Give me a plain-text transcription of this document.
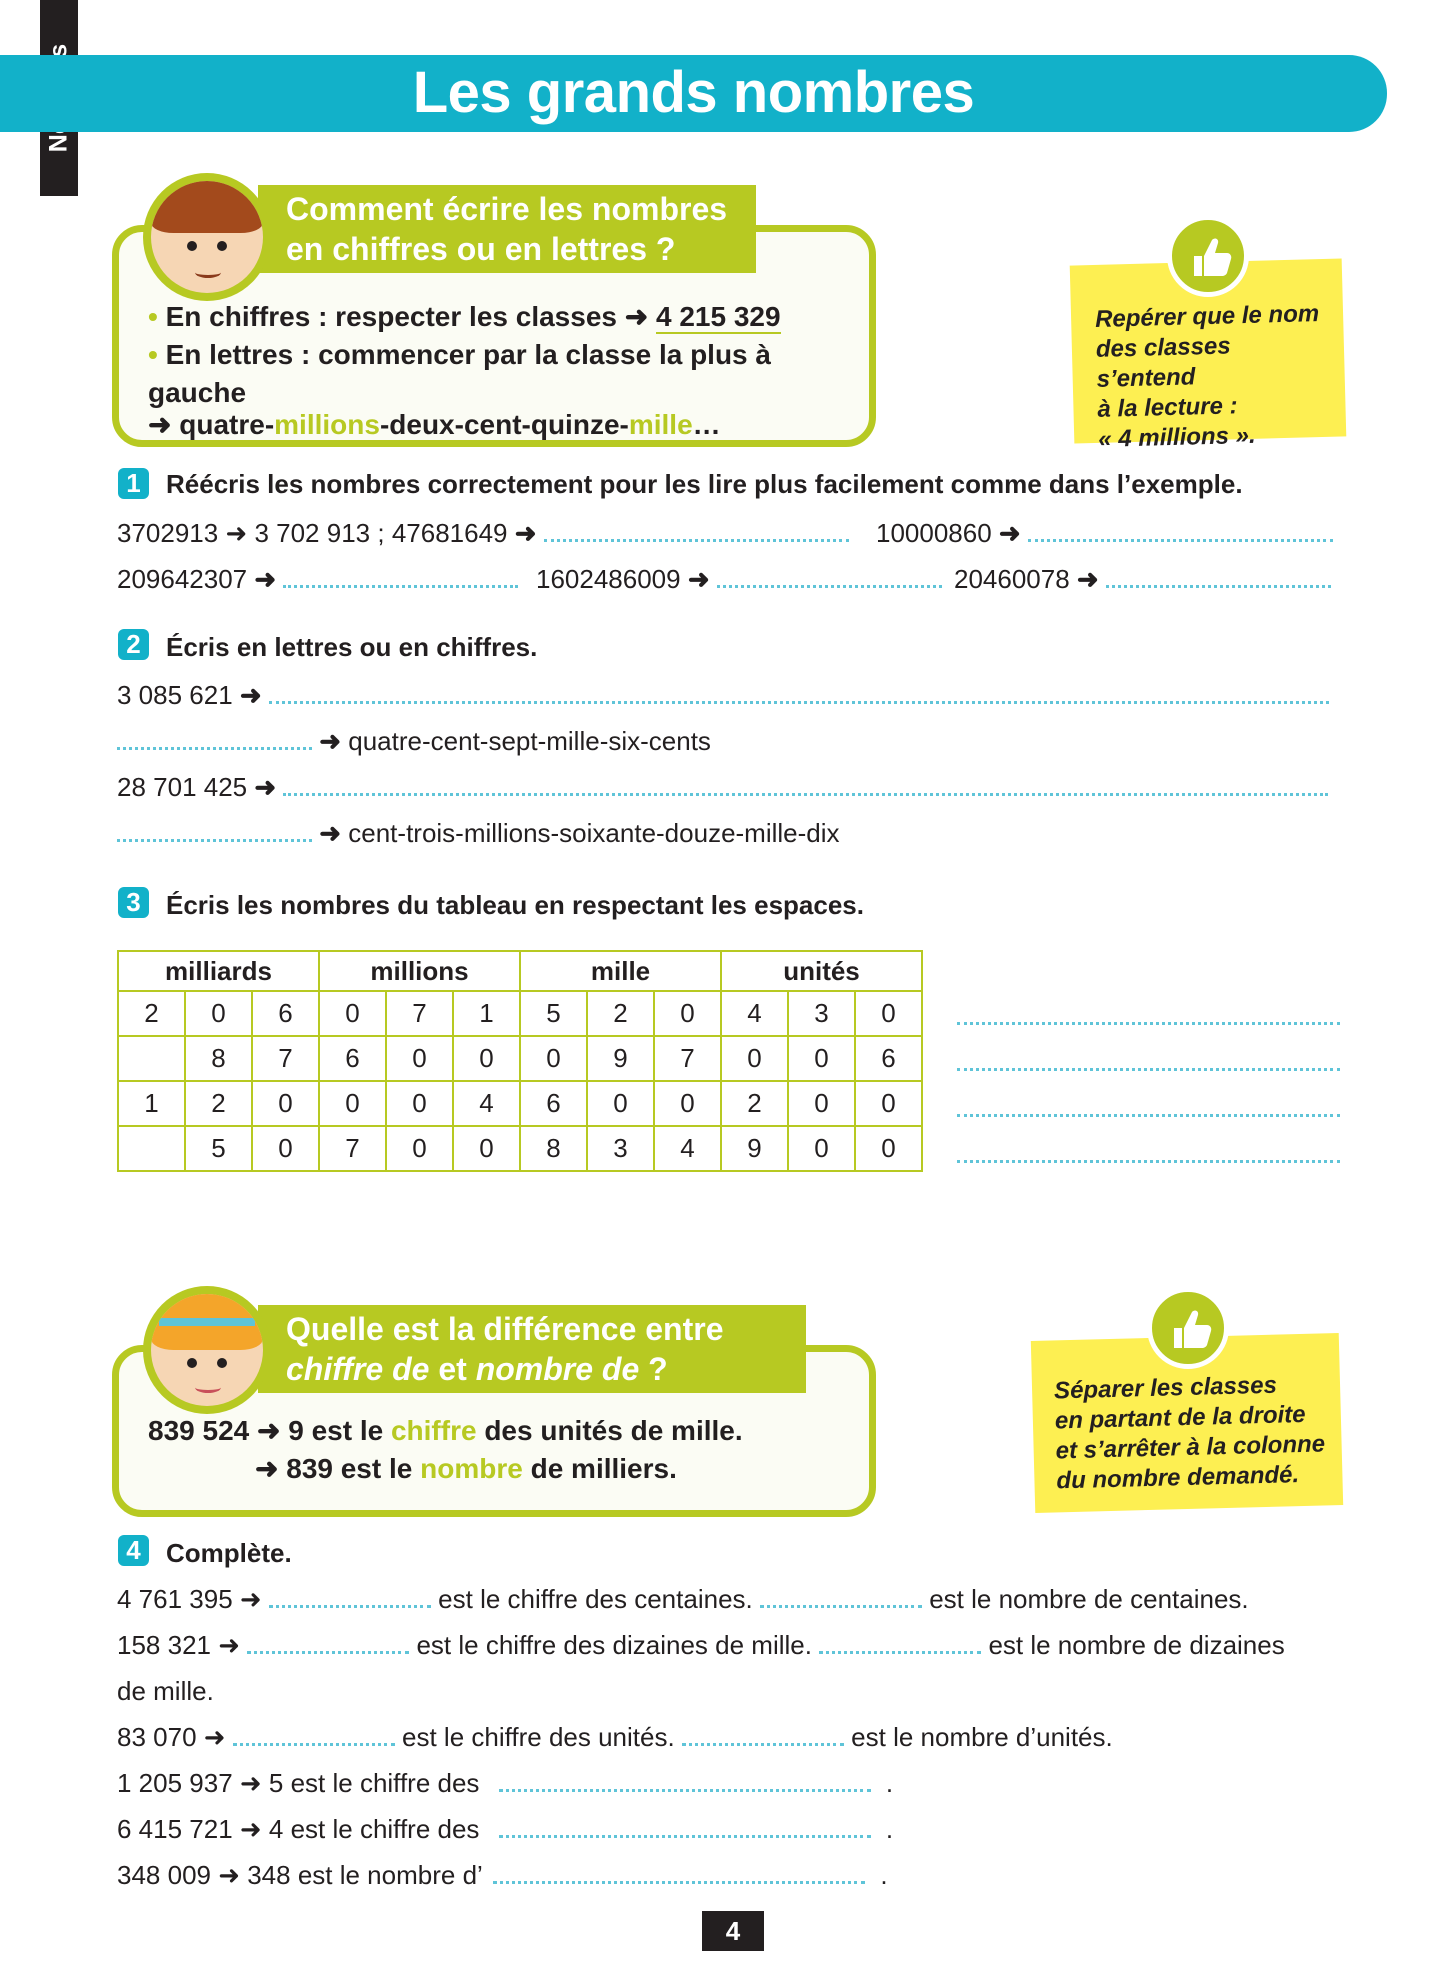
Les grands nombres
Comment écrire les nombres
en chiffres ou en lettres ?
• En chiffres : respecter les classes ➜ 4 215 329
• En lettres : commencer par la classe la plus à gauche
➜ quatre-millions-deux-cent-quinze-mille…
Repérer que le nom
des classes s’entend
à la lecture :
« 4 millions ».
1 Réécris les nombres correctement pour les lire plus facilement comme dans l’exemple.
3702913 ➜ 3 702 913 ; 47681649 ➜	10000860 ➜
209642307 ➜	1602486009 ➜	20460078 ➜
2 Écris en lettres ou en chiffres.
3 085 621 ➜
➜ quatre-cent-sept-mille-six-cents
28 701 425 ➜
➜ cent-trois-millions-soixante-douze-mille-dix
3 Écris les nombres du tableau en respectant les espaces.
milliards			millions			mille			unités		
2	0	6	0	7	1	5	2	0	4	3	0
	8	7	6	0	0	0	9	7	0	0	6
1	2	0	0	0	4	6	0	0	2	0	0
	5	0	7	0	0	8	3	4	9	0	0
Quelle est la différence entre
chiffre de et nombre de ?
839 524 ➜ 9 est le chiffre des unités de mille.
➜ 839 est le nombre de milliers.
Séparer les classes
en partant de la droite
et s’arrêter à la colonne
du nombre demandé.
4 Complète.
4 761 395 ➜	est le chiffre des centaines.	est le nombre de centaines.
158 321 ➜	est le chiffre des dizaines de mille.	est le nombre de dizaines
de mille.
83 070 ➜	est le chiffre des unités.	est le nombre d’unités.
1 205 937 ➜ 5 est le chiffre des	.
6 415 721 ➜ 4 est le chiffre des	.
348 009 ➜ 348 est le nombre d’	.
4
